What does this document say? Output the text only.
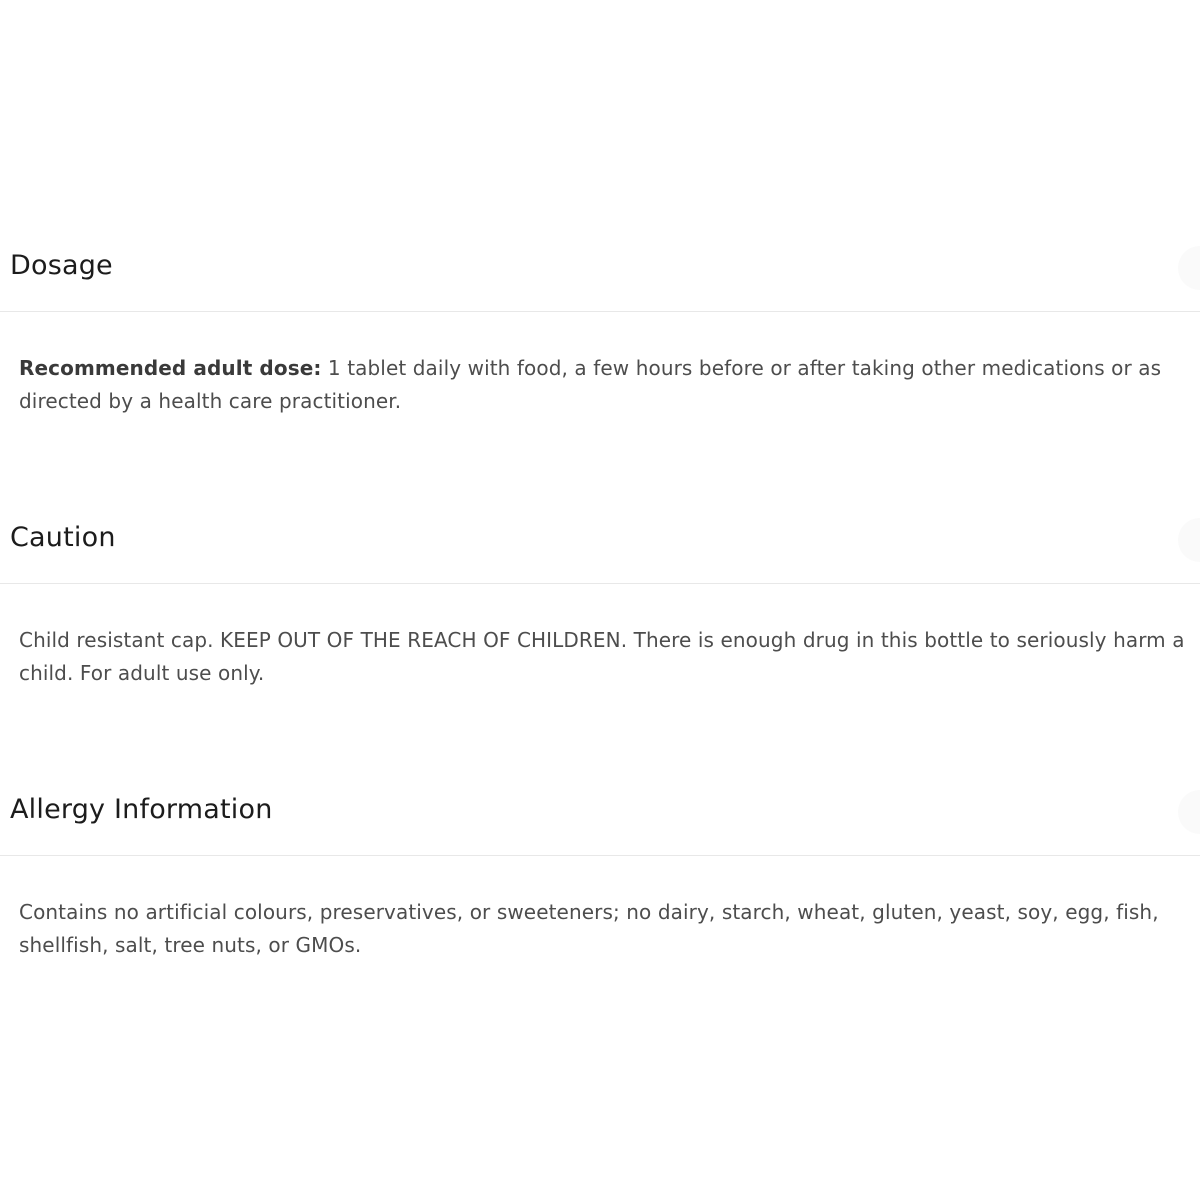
Dosage

Recommended adult dose: 1 tablet daily with food, a few hours before or after taking other medications or as directed by a health care practitioner.

Caution

Child resistant cap. KEEP OUT OF THE REACH OF CHILDREN. There is enough drug in this bottle to seriously harm a child. For adult use only.

Allergy Information

Contains no artificial colours, preservatives, or sweeteners; no dairy, starch, wheat, gluten, yeast, soy, egg, fish, shellfish, salt, tree nuts, or GMOs.
